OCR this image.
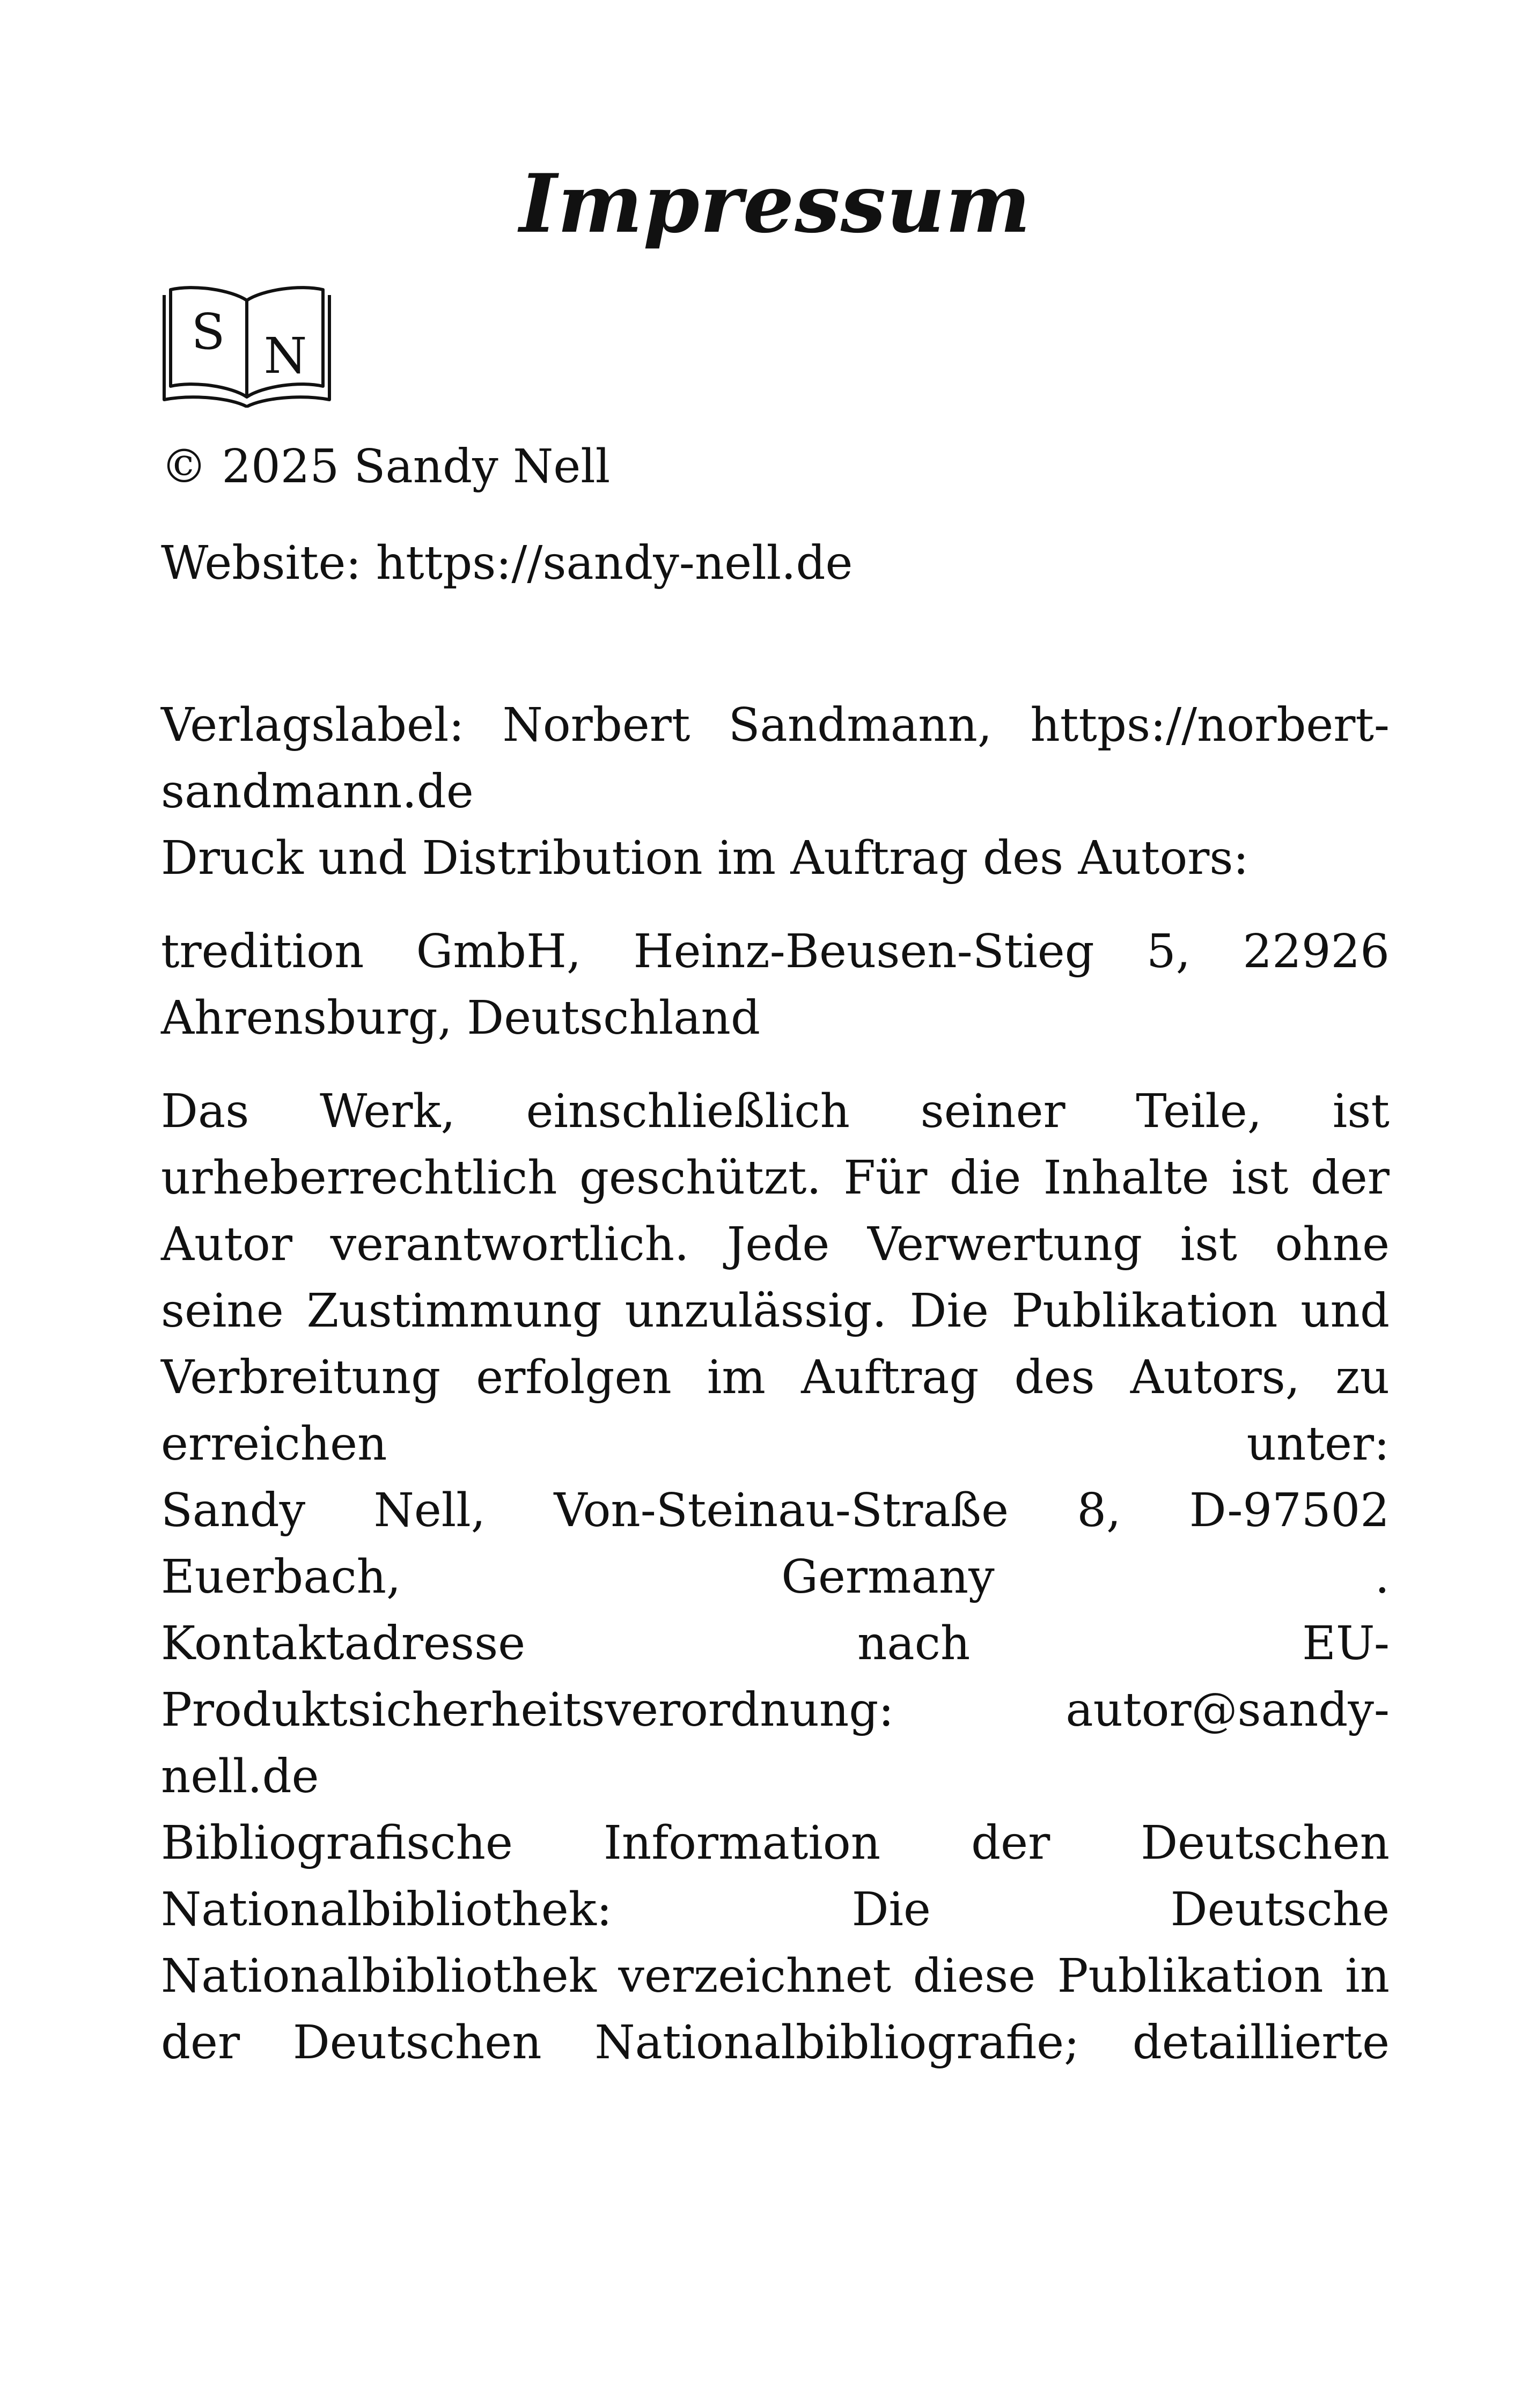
Impressum
S N
© 2025 Sandy Nell
Website: https://sandy-nell.de
Verlagslabel: Norbert Sandmann, https://norbert-
sandmann.de
Druck und Distribution im Auftrag des Autors:
tredition GmbH, Heinz-Beusen-Stieg 5, 22926
Ahrensburg, Deutschland
Das Werk, einschließlich seiner Teile, ist
urheberrechtlich geschützt. Für die Inhalte ist der
Autor verantwortlich. Jede Verwertung ist ohne
seine Zustimmung unzulässig. Die Publikation und
Verbreitung erfolgen im Auftrag des Autors, zu
erreichen	unter:
Sandy Nell, Von-Steinau-Straße 8, D-97502
Euerbach,	Germany	.
Kontaktadresse	nach	EU-
Produktsicherheitsverordnung:	autor@sandy-
nell.de
Bibliografische Information der Deutschen
Nationalbibliothek:	Die	Deutsche
Nationalbibliothek verzeichnet diese Publikation in
der Deutschen Nationalbibliografie; detaillierte
